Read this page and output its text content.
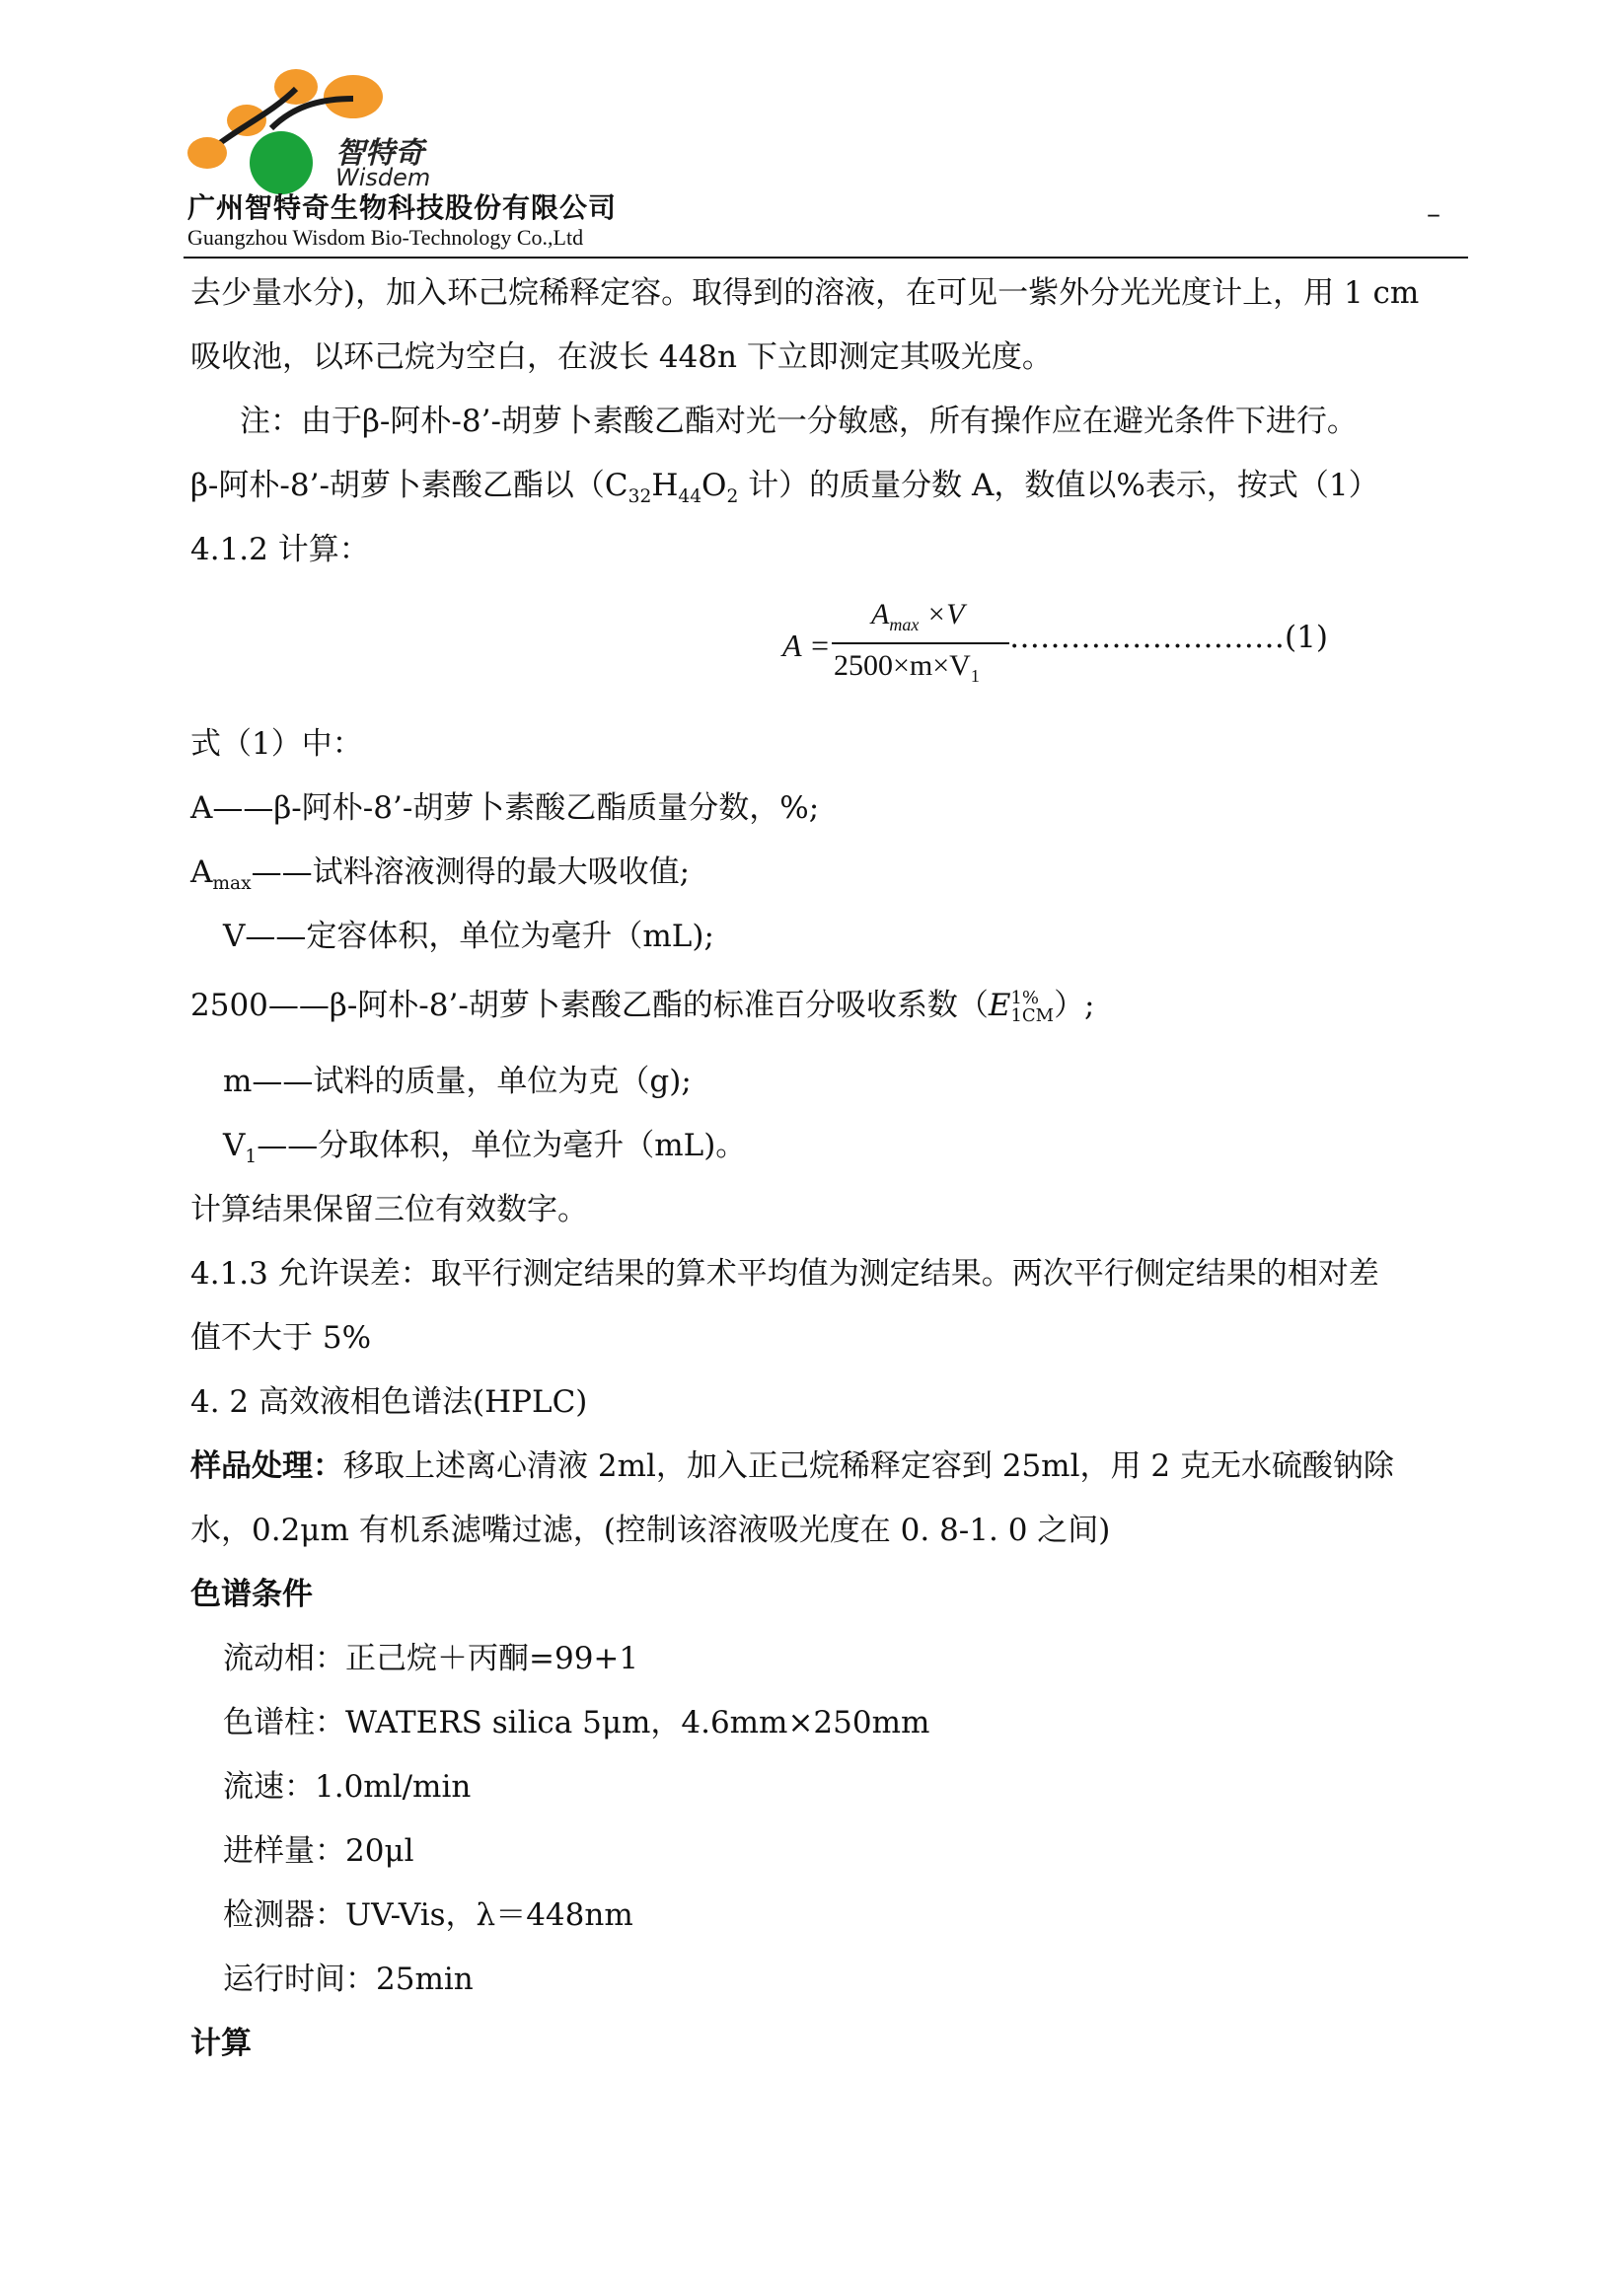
智特奇
Wisdem
广州智特奇生物科技股份有限公司
Guangzhou Wisdom Bio-Technology Co.,Ltd
–
去少量水分)，加入环己烷稀释定容。取得到的溶液，在可见一紫外分光光度计上，用 1 cm
吸收池，以环己烷为空白，在波长 448n 下立即测定其吸光度。
注：由于β-阿朴-8’-胡萝卜素酸乙酯对光一分敏感，所有操作应在避光条件下进行。
β-阿朴-8’-胡萝卜素酸乙酯以（$C_{32}H_{44}O_2$ 计）的质量分数 A，数值以%表示，按式（1）
4.1.2 计算：
A =
$A_{max} \times V$
$2500\times m\times V_1$
………………………(1)
式（1）中：
A——β-阿朴-8’-胡萝卜素酸乙酯质量分数，%;
$A_{max}——$试料溶液测得的最大吸收值;
V——定容体积，单位为毫升（mL);
2500——β-阿朴-8’-胡萝卜素酸乙酯的标准百分吸收系数（E 1%
1CM ）;
m——试料的质量，单位为克（g);
$V_1——$分取体积，单位为毫升（mL)。
计算结果保留三位有效数字。
4.1.3 允许误差：取平行测定结果的算术平均值为测定结果。两次平行侧定结果的相对差
值不大于 5%
4. 2 高效液相色谱法(HPLC)
样品处理：移取上述离心清液 2ml，加入正己烷稀释定容到 25ml，用 2 克无水硫酸钠除
水，0.2μm 有机系滤嘴过滤，(控制该溶液吸光度在 0. 8-1. 0 之间)
色谱条件
流动相：正己烷＋丙酮=99+1
色谱柱：WATERS silica 5μm，4.6mm×250mm
流速：1.0ml/min
进样量：20μl
检测器：UV-Vis，λ＝448nm
运行时间：25min
计算
